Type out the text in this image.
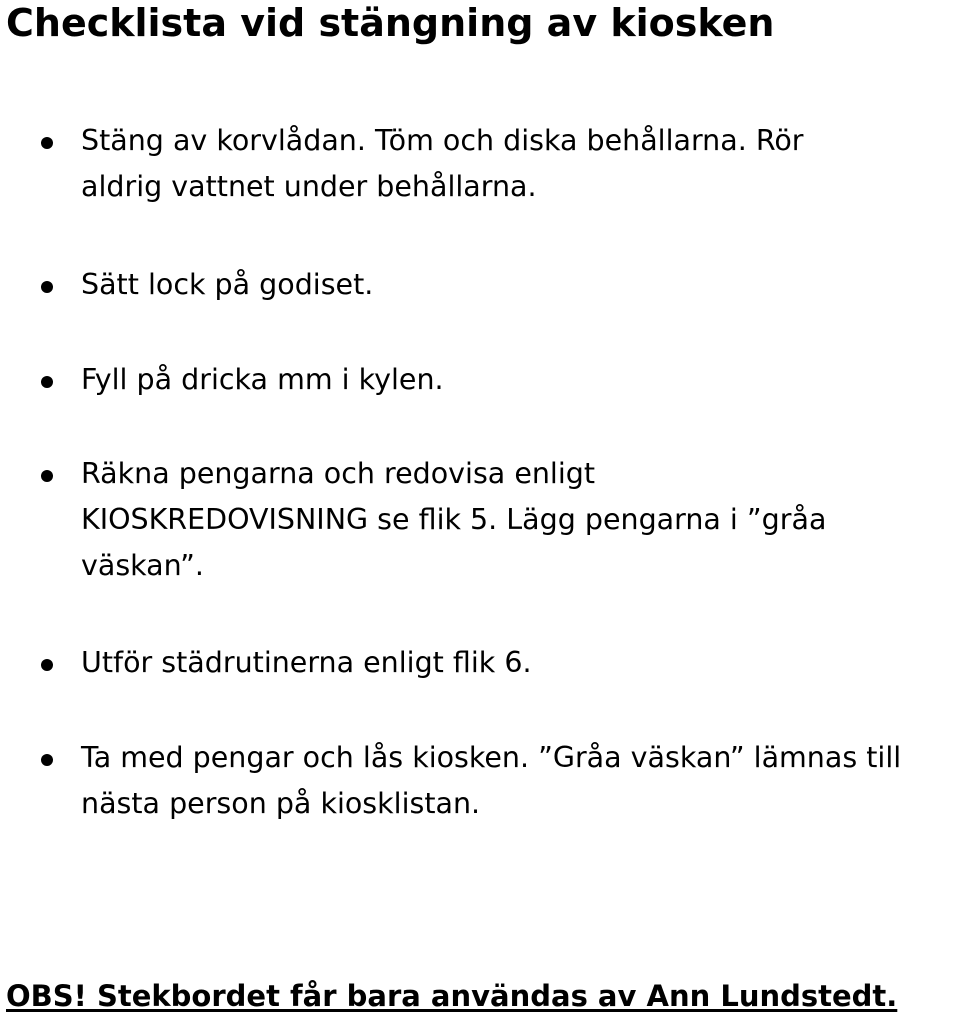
Checklista vid stängning av kiosken
Stäng av korvlådan. Töm och diska behållarna. Rör
aldrig vattnet under behållarna.
Sätt lock på godiset.
Fyll på dricka mm i kylen.
Räkna pengarna och redovisa enligt
KIOSKREDOVISNING se flik 5. Lägg pengarna i ”gråa
väskan”.
Utför städrutinerna enligt flik 6.
Ta med pengar och lås kiosken. ”Gråa väskan” lämnas till
nästa person på kiosklistan.
OBS! Stekbordet får bara användas av Ann Lundstedt.
